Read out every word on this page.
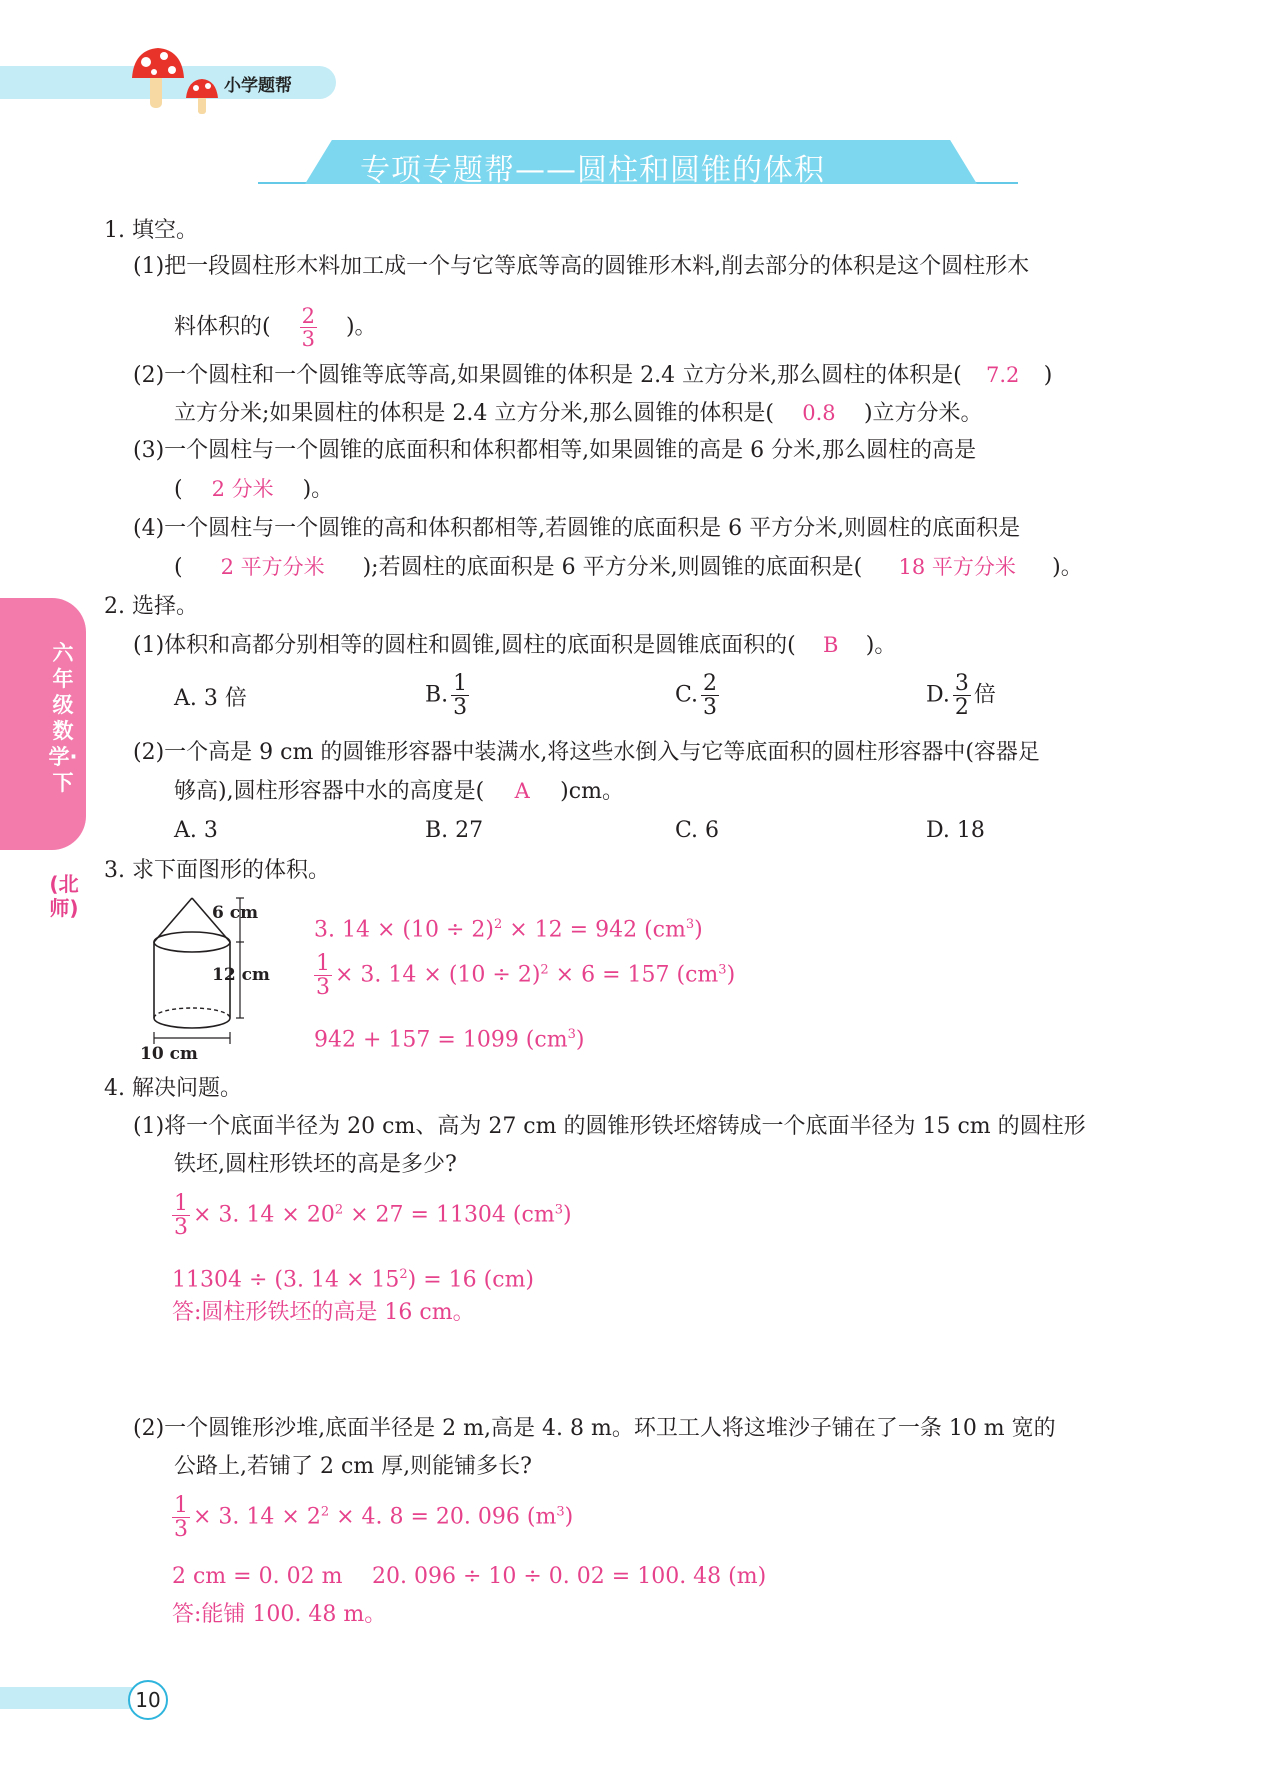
小学题帮
专项专题帮——圆柱和圆锥的体积
六年级数学·下
(北师)
1. 填空。
(1)把一段圆柱形木料加工成一个与它等底等高的圆锥形木料,削去部分的体积是这个圆柱形木
料体积的( $\frac{2}{3}$ )。
(2)一个圆柱和一个圆锥等底等高,如果圆锥的体积是 2.4 立方分米,那么圆柱的体积是( 7.2 )
立方分米;如果圆柱的体积是 2.4 立方分米,那么圆锥的体积是( 0.8 )立方分米。
(3)一个圆柱与一个圆锥的底面积和体积都相等,如果圆锥的高是 6 分米,那么圆柱的高是
( 2 分米 )。
(4)一个圆柱与一个圆锥的高和体积都相等,若圆锥的底面积是 6 平方分米,则圆柱的底面积是
( 2 平方分米 );若圆柱的底面积是 6 平方分米,则圆锥的底面积是( 18 平方分米 )。
2. 选择。
(1)体积和高都分别相等的圆柱和圆锥,圆柱的底面积是圆锥底面积的( B )。
A. 3 倍	B. $\frac{1}{3}$	C. $\frac{2}{3}$	D. $\frac{3}{2}$ 倍
(2)一个高是 9 cm 的圆锥形容器中装满水,将这些水倒入与它等底面积的圆柱形容器中(容器足
够高),圆柱形容器中水的高度是( A )cm。
A. 3	B. 27	C. 6	D. 18
3. 求下面图形的体积。
6 cm
12 cm
10 cm
3. $14 \times (10 \div 2)^2 \times 12 = 942$ $(cm^3)$
$\frac{1}{3} \times 3$. $14 \times (10 \div 2)^2 \times 6 = 157$ $(cm^3)$
942 + 157 = 1099 $(cm^3)$
4. 解决问题。
(1)将一个底面半径为 20 cm、高为 27 cm 的圆锥形铁坯熔铸成一个底面半径为 15 cm 的圆柱形
铁坯,圆柱形铁坯的高是多少?
$\frac{1}{3} \times 3$. $14 \times 20^2 \times 27 = 11304$ $(cm^3)$
11304 ÷ (3. $14 \times 15^2) = 16$ (cm)
答:圆柱形铁坯的高是 16 cm。
(2)一个圆锥形沙堆,底面半径是 2 m,高是 4. 8 m。环卫工人将这堆沙子铺在了一条 10 m 宽的
公路上,若铺了 2 cm 厚,则能铺多长?
$\frac{1}{3} \times 3$. $14 \times 2^2 \times 4$. 8 = 20. 096 $(m^3)$
2 cm = 0. 02 m 20. 096 ÷ 10 ÷ 0. 02 = 100. 48 (m)
答:能铺 100. 48 m。
10
